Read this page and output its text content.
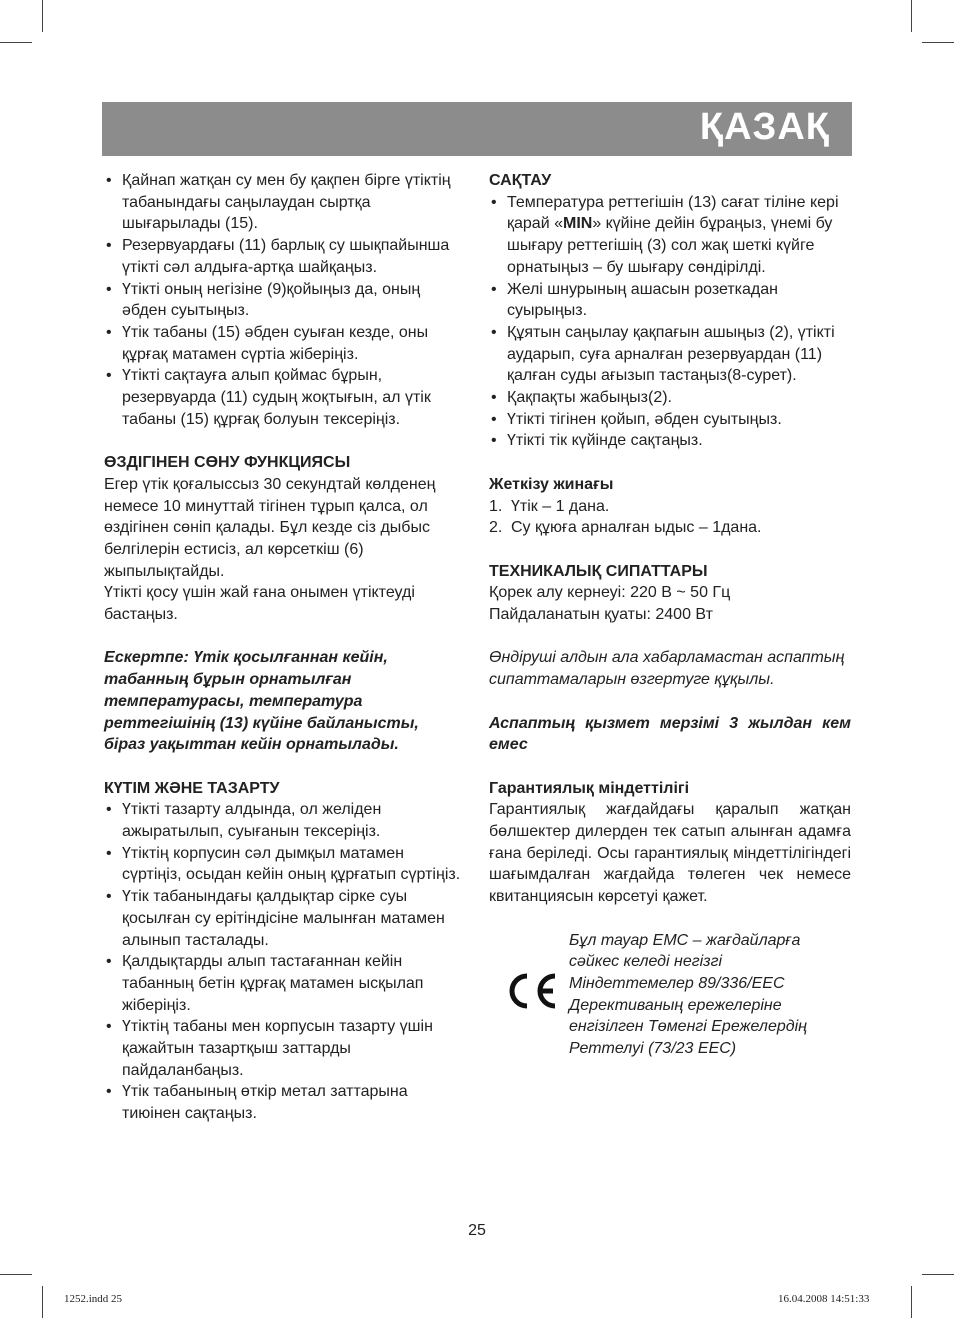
ҚАЗАҚ
• Қайнап жатқан су мен бу қақпен бірге үтіктің табанындағы саңылаудан сыртқа шығарылады (15).
• Резервуардағы (11) барлық су шықпайынша үтікті сәл алдыға-артқа шайқаңыз.
• Үтікті оның негізіне (9)қойыңыз да, оның әбден суытыңыз.
• Үтік табаны (15) әбден суыған кезде, оны құрғақ матамен сүртіа жіберіңіз.
• Үтікті сақтауға алып қоймас бұрын, резервуарда (11) судың жоқтығын, ал үтік табаны (15) құрғақ болуын тексеріңіз.

ӨЗДІГІНЕН СӨНУ ФУНКЦИЯСЫ

Егер үтік қоғалыссыз 30 секундтай көлденең немесе 10 минуттай тігінен тұрып қалса, ол өздігінен сөніп қалады. Бұл кезде сіз дыбыс белгілерін естисіз, ал көрсеткіш (6) жыпылықтайды.

Үтікті қосу үшін жай ғана онымен үтіктеуді бастаңыз.

Ескертпе: Үтік қосылғаннан кейін, табанның бұрын орнатылған температурасы, температура реттегішінің (13) күйіне байланысты, біраз уақыттан кейін орнатылады.

КҮТІМ ЖӘНЕ ТАЗАРТУ

• Үтікті тазарту алдында, ол желіден ажыратылып, суығанын тексеріңіз.
• Үтіктің корпусин сәл дымқыл матамен сүртіңіз, осыдан кейін оның құрғатып сүртіңіз.
• Үтік табанындағы қалдықтар сірке суы қосылған су ерітіндісіне малынған матамен алынып тасталады.
• Қалдықтарды алып тастағаннан кейін табанның бетін құрғақ матамен ысқылап жіберіңіз.
• Үтіктің табаны мен корпусын тазарту үшін қажайтын тазартқыш заттарды пайдаланбаңыз.
• Үтік табанының өткір метал заттарына тиюінен сақтаңыз.

САҚТАУ

• Температура реттегішін (13) сағат тіліне кері қарай «MIN» күйіне дейін бұраңыз, үнемі бу шығару реттегішің (3) сол жақ шеткі күйге орнатыңыз – бу шығару сөндірілді.
• Желі шнурының ашасын розеткадан суырыңыз.
• Құятын саңылау қақпағын ашыңыз (2), үтікті аударып, суға арналған резервуардан (11) қалған суды ағызып тастаңыз(8-сурет).
• Қақпақты жабыңыз(2).
• Үтікті тігінен қойып, әбден суытыңыз.
• Үтікті тік күйінде сақтаңыз.

Жеткізу жинағы

1. Үтік – 1 дана.
2. Су құюға арналған ыдыс – 1дана.

ТЕХНИКАЛЫҚ СИПАТТАРЫ

Қорек алу кернеуі: 220 В ~ 50 Гц

Пайдаланатын қуаты: 2400 Вт

Өндіруші алдын ала хабарламастан аспаптың сипаттамаларын өзгертуге құқылы.

Аспаптың қызмет мерзімі 3 жылдан кем емес

Гарантиялық міндеттілігі

Гарантиялық жағдайдағы қаралып жатқан бөлшектер дилерден тек сатып алынған адамға ғана беріледі. Осы гарантиялық міндеттілігіндегі шағымдалған жағдайда төлеген чек немесе квитанциясын көрсетуі қажет.

Бұл тауар ЕМС – жағдайларға сәйкес келеді негізгі Міндеттемелер 89/336/EEC Дерективаның ережелеріне енгізілген Төменгі Ережелердің Реттелуі (73/23 EEC)

25
1252.indd 25	16.04.2008 14:51:33
